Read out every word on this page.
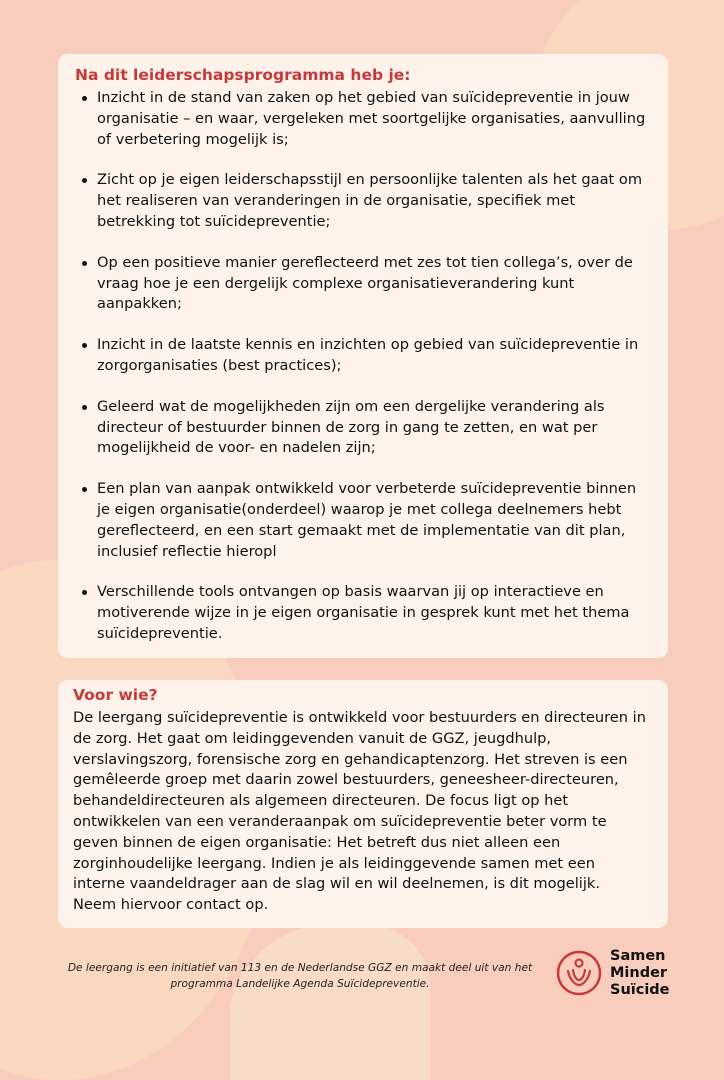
Na dit leiderschapsprogramma heb je:
Inzicht in de stand van zaken op het gebied van suïcidepreventie in jouw organisatie – en waar, vergeleken met soortgelijke organisaties, aanvulling of verbetering mogelijk is;
Zicht op je eigen leiderschapsstijl en persoonlijke talenten als het gaat om het realiseren van veranderingen in de organisatie, specifiek met betrekking tot suïcidepreventie;
Op een positieve manier gereflecteerd met zes tot tien collega’s, over de vraag hoe je een dergelijk complexe organisatieverandering kunt aanpakken;
Inzicht in de laatste kennis en inzichten op gebied van suïcidepreventie in zorgorganisaties (best practices);
Geleerd wat de mogelijkheden zijn om een dergelijke verandering als directeur of bestuurder binnen de zorg in gang te zetten, en wat per mogelijkheid de voor- en nadelen zijn;
Een plan van aanpak ontwikkeld voor verbeterde suïcidepreventie binnen je eigen organisatie(onderdeel) waarop je met collega deelnemers hebt gereflecteerd, en een start gemaakt met de implementatie van dit plan, inclusief reflectie hieropl
Verschillende tools ontvangen op basis waarvan jij op interactieve en motiverende wijze in je eigen organisatie in gesprek kunt met het thema suïcidepreventie.
Voor wie?

De leergang suïcidepreventie is ontwikkeld voor bestuurders en directeuren in de zorg. Het gaat om leidinggevenden vanuit de GGZ, jeugdhulp, verslavingszorg, forensische zorg en gehandicaptenzorg. Het streven is een gemêleerde groep met daarin zowel bestuurders, geneesheer-directeuren, behandeldirecteuren als algemeen directeuren. De focus ligt op het ontwikkelen van een veranderaanpak om suïcidepreventie beter vorm te geven binnen de eigen organisatie: Het betreft dus niet alleen een zorginhoudelijke leergang. Indien je als leidinggevende samen met een interne vaandeldrager aan de slag wil en wil deelnemen, is dit mogelijk. Neem hiervoor contact op.

De leergang is een initiatief van 113 en de Nederlandse GGZ en maakt deel uit van het programma Landelijke Agenda Suïcidepreventie.
Samen
Minder
Suïcide
